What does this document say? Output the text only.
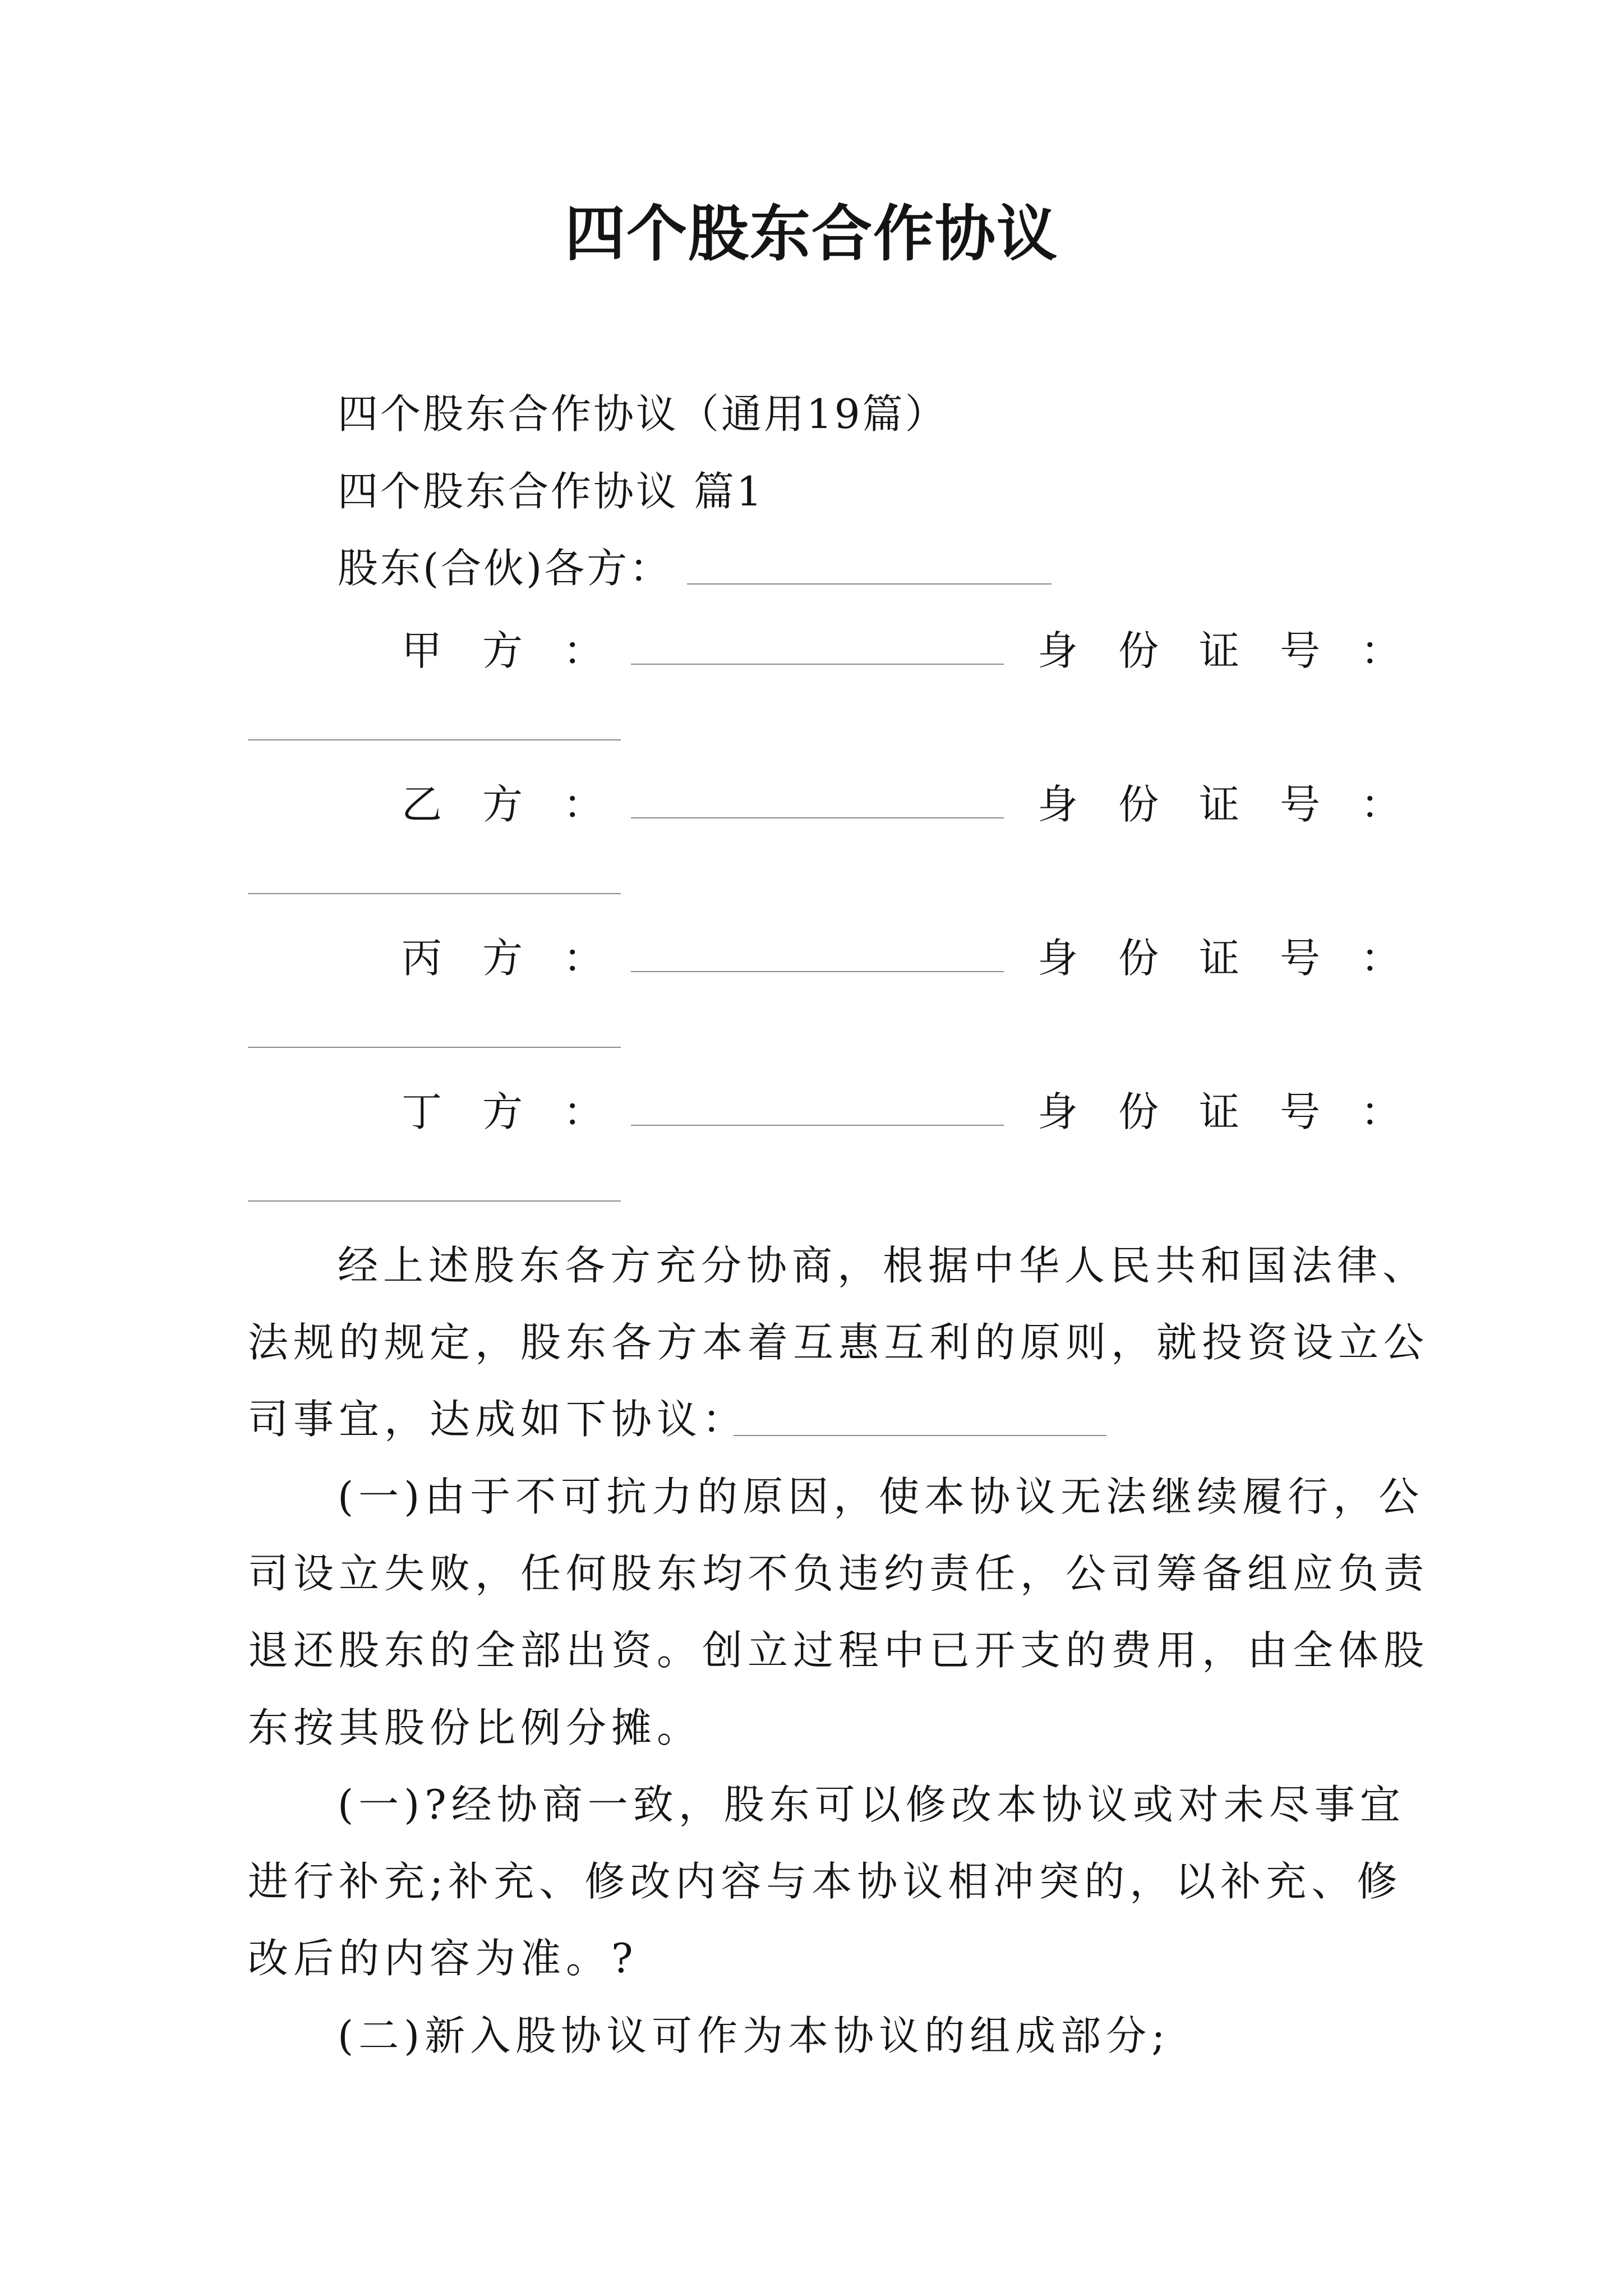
四个股东合作协议
四个股东合作协议（通用19篇）
四个股东合作协议 篇1
股东(合伙)各方：
甲　方　：	身　份　证　号　：
乙　方　：	身　份　证　号　：
丙　方　：	身　份　证　号　：
丁　方　：	身　份　证　号　：
经上述股东各方充分协商，根据中华人民共和国法律、
法规的规定，股东各方本着互惠互利的原则，就投资设立公
司事宜，达成如下协议：
(一)由于不可抗力的原因，使本协议无法继续履行，公
司设立失败，任何股东均不负违约责任，公司筹备组应负责
退还股东的全部出资。创立过程中已开支的费用，由全体股
东按其股份比例分摊。
(一)?经协商一致，股东可以修改本协议或对未尽事宜
进行补充;补充、修改内容与本协议相冲突的，以补充、修
改后的内容为准。?
(二)新入股协议可作为本协议的组成部分;
